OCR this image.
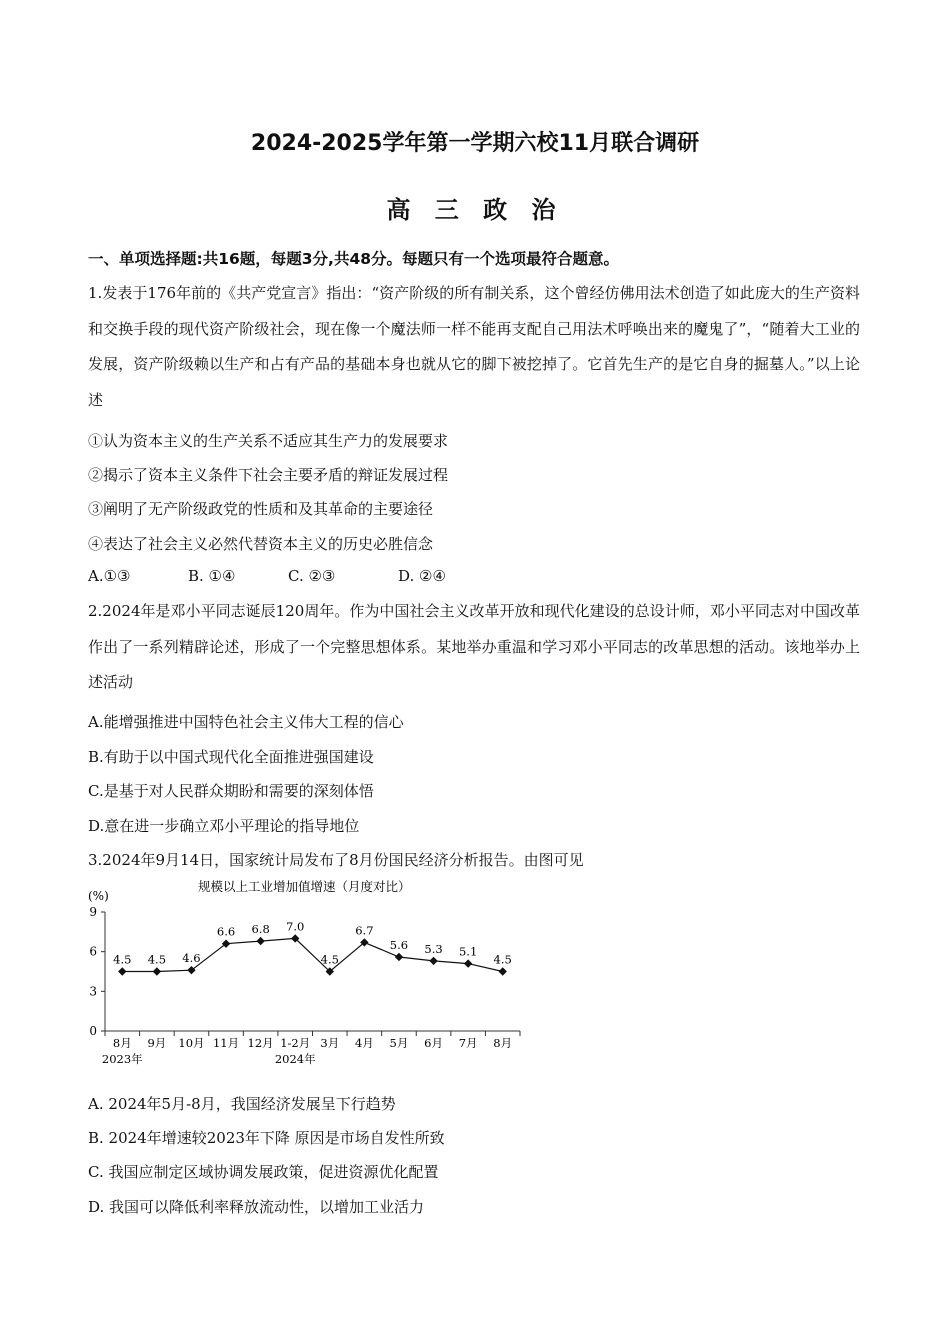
2024-2025学年第一学期六校11月联合调研
高 三 政 治
一、单项选择题:共16题，每题3分,共48分。每题只有一个选项最符合题意。
1.发表于176年前的《共产党宣言》指出：“资产阶级的所有制关系，这个曾经仿佛用法术创造了如此庞大的生产资料和交换手段的现代资产阶级社会，现在像一个魔法师一样不能再支配自己用法术呼唤出来的魔鬼了”，“随着大工业的发展，资产阶级赖以生产和占有产品的基础本身也就从它的脚下被挖掉了。它首先生产的是它自身的掘墓人。”以上论述
①认为资本主义的生产关系不适应其生产力的发展要求
②揭示了资本主义条件下社会主要矛盾的辩证发展过程
③阐明了无产阶级政党的性质和及其革命的主要途径
④表达了社会主义必然代替资本主义的历史必胜信念
A.①③	B. ①④	C. ②③	D. ②④
2.2024年是邓小平同志诞辰120周年。作为中国社会主义改革开放和现代化建设的总设计师，邓小平同志对中国改革作出了一系列精辟论述，形成了一个完整思想体系。某地举办重温和学习邓小平同志的改革思想的活动。该地举办上述活动
A.能增强推进中国特色社会主义伟大工程的信心
B.有助于以中国式现代化全面推进强国建设
C.是基于对人民群众期盼和需要的深刻体悟
D.意在进一步确立邓小平理论的指导地位
3.2024年9月14日，国家统计局发布了8月份国民经济分析报告。由图可见
(%)
规模以上工业增加值增速（月度对比）
0
3
6
9
8月 9月 10月 11月 12月 1-2月 3月 4月 5月 6月 7月 8月
2023年	2024年
4.5 4.5 4.6
6.6 6.8 7.0
4.5
6.7
5.6 5.3 5.1
4.5
A. 2024年5月-8月，我国经济发展呈下行趋势
B. 2024年增速较2023年下降 原因是市场自发性所致
C. 我国应制定区域协调发展政策，促进资源优化配置
D. 我国可以降低利率释放流动性，以增加工业活力
